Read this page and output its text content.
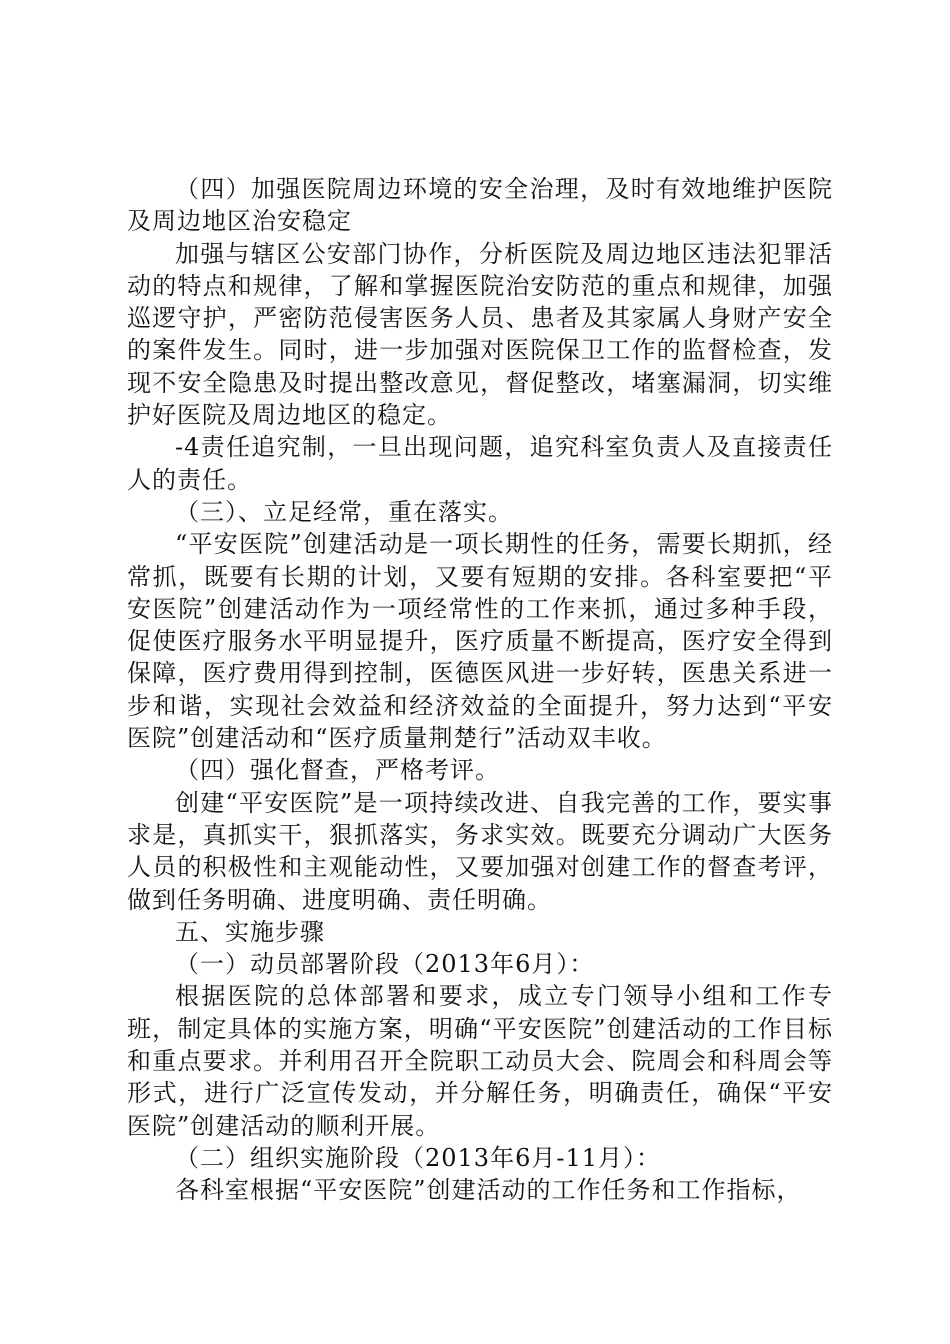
（四）加强医院周边环境的安全治理，及时有效地维护医院及周边地区治安稳定

加强与辖区公安部门协作，分析医院及周边地区违法犯罪活动的特点和规律，了解和掌握医院治安防范的重点和规律，加强巡逻守护，严密防范侵害医务人员、患者及其家属人身财产安全的案件发生。同时，进一步加强对医院保卫工作的监督检查，发现不安全隐患及时提出整改意见，督促整改，堵塞漏洞，切实维护好医院及周边地区的稳定。

-4责任追究制，一旦出现问题，追究科室负责人及直接责任人的责任。

（三）、立足经常，重在落实。

“平安医院”创建活动是一项长期性的任务，需要长期抓，经常抓，既要有长期的计划，又要有短期的安排。各科室要把“平安医院”创建活动作为一项经常性的工作来抓，通过多种手段，促使医疗服务水平明显提升，医疗质量不断提高，医疗安全得到保障，医疗费用得到控制，医德医风进一步好转，医患关系进一步和谐，实现社会效益和经济效益的全面提升，努力达到“平安医院”创建活动和“医疗质量荆楚行”活动双丰收。

（四）强化督查，严格考评。

创建“平安医院”是一项持续改进、自我完善的工作，要实事求是，真抓实干，狠抓落实，务求实效。既要充分调动广大医务人员的积极性和主观能动性，又要加强对创建工作的督查考评，做到任务明确、进度明确、责任明确。

五、实施步骤

（一）动员部署阶段（2013年6月）：

根据医院的总体部署和要求，成立专门领导小组和工作专班，制定具体的实施方案，明确“平安医院”创建活动的工作目标和重点要求。并利用召开全院职工动员大会、院周会和科周会等形式，进行广泛宣传发动，并分解任务，明确责任，确保“平安医院”创建活动的顺利开展。

（二）组织实施阶段（2013年6月-11月）：

各科室根据“平安医院”创建活动的工作任务和工作指标，
